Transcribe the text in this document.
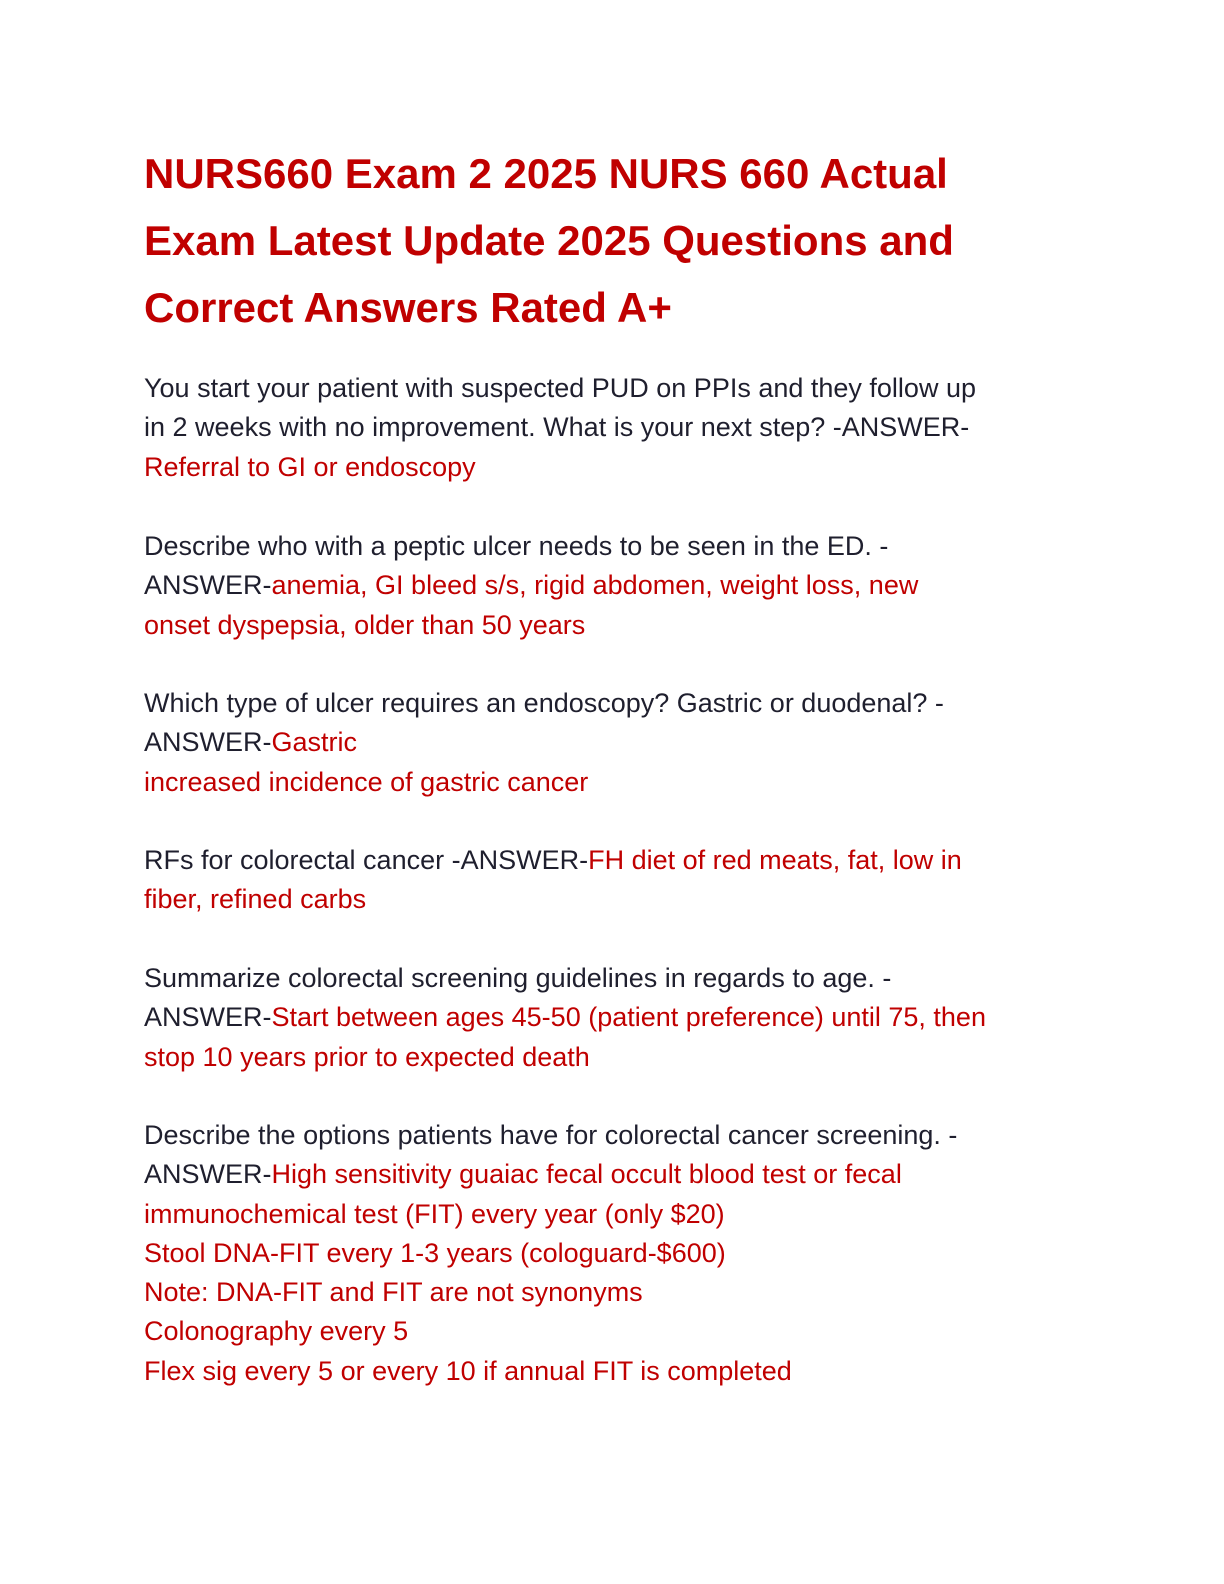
NURS660 Exam 2 2025 NURS 660 Actual
Exam Latest Update 2025 Questions and
Correct Answers Rated A+
You start your patient with suspected PUD on PPIs and they follow up
in 2 weeks with no improvement. What is your next step? -ANSWER-
Referral to GI or endoscopy
Describe who with a peptic ulcer needs to be seen in the ED. -
ANSWER-anemia, GI bleed s/s, rigid abdomen, weight loss, new
onset dyspepsia, older than 50 years
Which type of ulcer requires an endoscopy? Gastric or duodenal? -
ANSWER-Gastric
increased incidence of gastric cancer
RFs for colorectal cancer -ANSWER-FH diet of red meats, fat, low in
fiber, refined carbs
Summarize colorectal screening guidelines in regards to age. -
ANSWER-Start between ages 45-50 (patient preference) until 75, then
stop 10 years prior to expected death
Describe the options patients have for colorectal cancer screening. -
ANSWER-High sensitivity guaiac fecal occult blood test or fecal
immunochemical test (FIT) every year (only $20)
Stool DNA-FIT every 1-3 years (cologuard-$600)
Note: DNA-FIT and FIT are not synonyms
Colonography every 5
Flex sig every 5 or every 10 if annual FIT is completed
